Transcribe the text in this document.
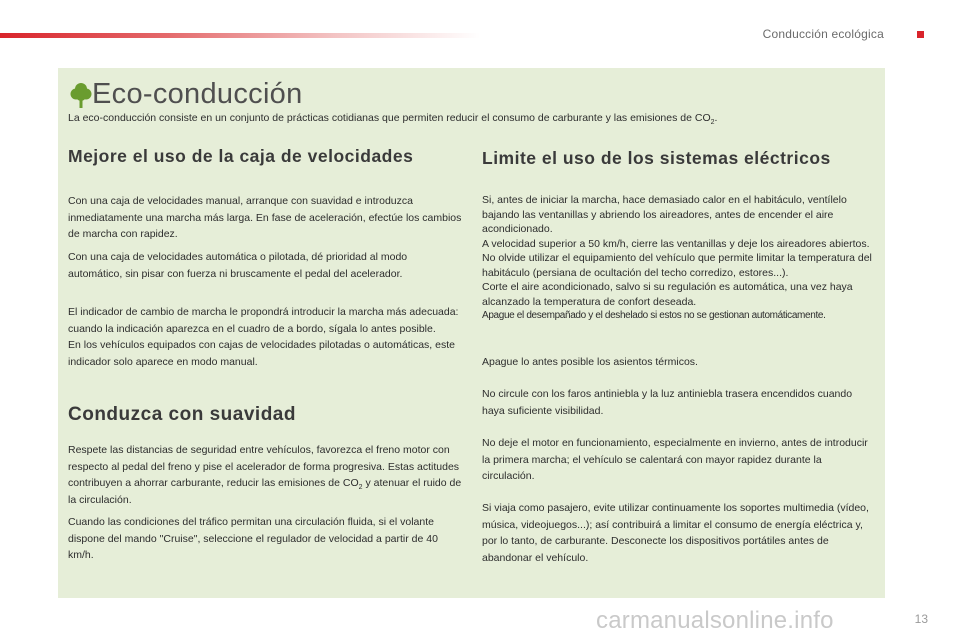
Conducción ecológica
Eco-conducción
La eco-conducción consiste en un conjunto de prácticas cotidianas que permiten reducir el consumo de carburante y las emisiones de $CO_2$.
Mejore el uso de la caja de velocidades

Con una caja de velocidades manual, arranque con suavidad e introduzca inmediatamente una marcha más larga. En fase de aceleración, efectúe los cambios de marcha con rapidez.

Con una caja de velocidades automática o pilotada, dé prioridad al modo automático, sin pisar con fuerza ni bruscamente el pedal del acelerador.

El indicador de cambio de marcha le propondrá introducir la marcha más adecuada: cuando la indicación aparezca en el cuadro de a bordo, sígala lo antes posible.
En los vehículos equipados con cajas de velocidades pilotadas o automáticas, este indicador solo aparece en modo manual.

Conduzca con suavidad

Respete las distancias de seguridad entre vehículos, favorezca el freno motor con respecto al pedal del freno y pise el acelerador de forma progresiva. Estas actitudes contribuyen a ahorrar carburante, reducir las emisiones de $CO_2$ y atenuar el ruido de la circulación.

Cuando las condiciones del tráfico permitan una circulación fluida, si el volante dispone del mando "Cruise", seleccione el regulador de velocidad a partir de 40 km/h.

Limite el uso de los sistemas eléctricos

Si, antes de iniciar la marcha, hace demasiado calor en el habitáculo, ventílelo bajando las ventanillas y abriendo los aireadores, antes de encender el aire acondicionado.
A velocidad superior a 50 km/h, cierre las ventanillas y deje los aireadores abiertos.
No olvide utilizar el equipamiento del vehículo que permite limitar la temperatura del habitáculo (persiana de ocultación del techo corredizo, estores...).
Corte el aire acondicionado, salvo si su regulación es automática, una vez haya alcanzado la temperatura de confort deseada.
Apague el desempañado y el deshelado si estos no se gestionan automáticamente.

Apague lo antes posible los asientos térmicos.

No circule con los faros antiniebla y la luz antiniebla trasera encendidos cuando haya suficiente visibilidad.

No deje el motor en funcionamiento, especialmente en invierno, antes de introducir la primera marcha; el vehículo se calentará con mayor rapidez durante la circulación.

Si viaja como pasajero, evite utilizar continuamente los soportes multimedia (vídeo, música, videojuegos...); así contribuirá a limitar el consumo de energía eléctrica y, por lo tanto, de carburante. Desconecte los dispositivos portátiles antes de abandonar el vehículo.

carmanualsonline.info	13
